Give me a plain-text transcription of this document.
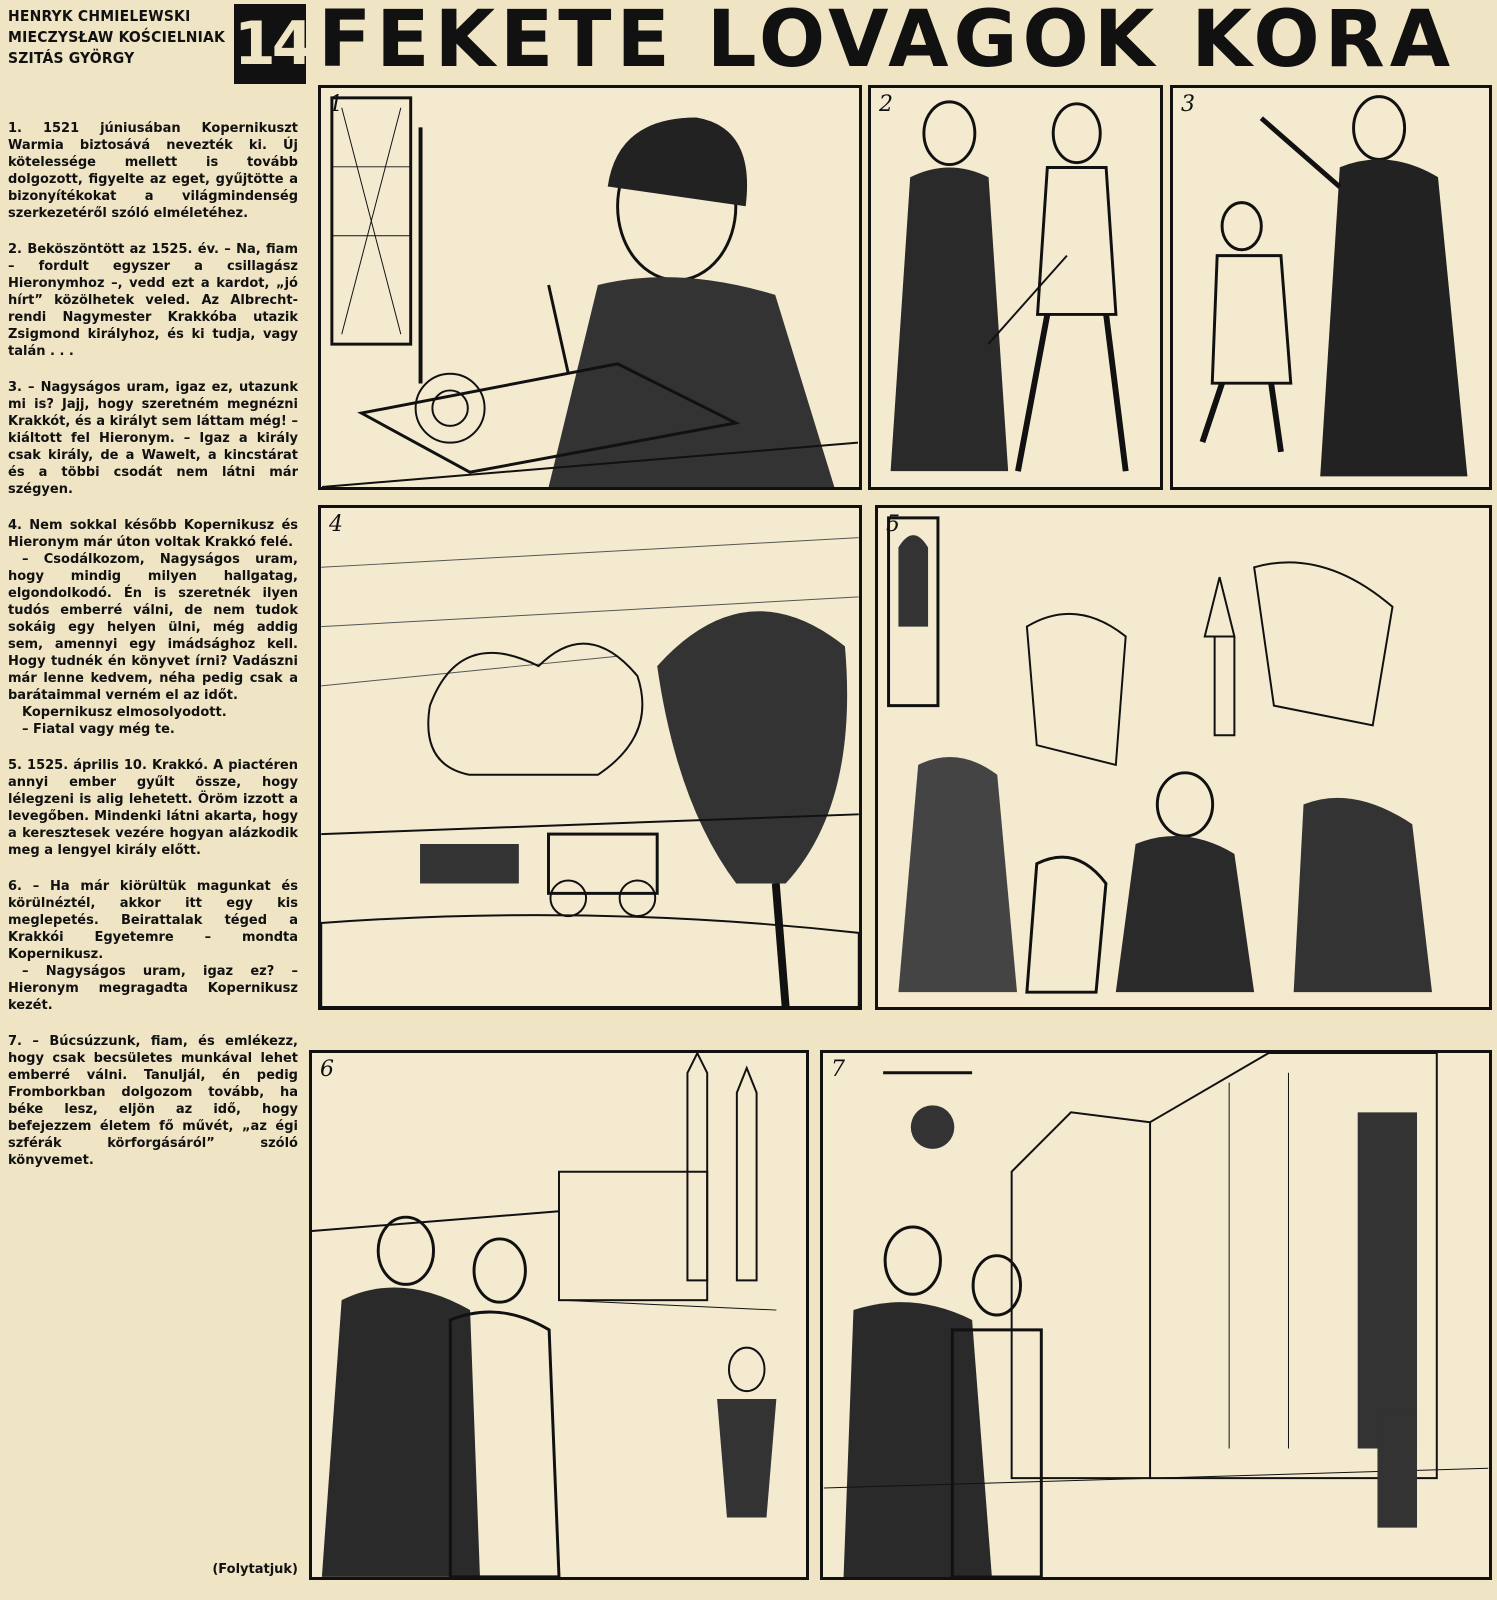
HENRYK CHMIELEWSKI
MIECZYSŁAW KOŚCIELNIAK
SZITÁS GYÖRGY	14 FEKETE LOVAGOK KORA

1. 1521 júniusában Kopernikuszt Warmia biztosává nevezték ki. Új kötelessége mellett is tovább dolgozott, figyelte az eget, gyűjtötte a bizonyítékokat a világmindenség szerkezetéről szóló elméletéhez.

2. Beköszöntött az 1525. év. – Na, fiam – fordult egyszer a csillagász Hieronymhoz –, vedd ezt a kardot, „jó hírt” közölhetek veled. Az Albrecht-rendi Nagymester Krakkóba utazik Zsigmond királyhoz, és ki tudja, vagy talán . . .

3. – Nagyságos uram, igaz ez, utazunk mi is? Jajj, hogy szeretném megnézni Krakkót, és a királyt sem láttam még! – kiáltott fel Hieronym. – Igaz a király csak király, de a Wawelt, a kincstárat és a többi csodát nem látni már szégyen.

4. Nem sokkal később Kopernikusz és Hieronym már úton voltak Krakkó felé.

– Csodálkozom, Nagyságos uram, hogy mindig milyen hallgatag, elgondolkodó. Én is szeretnék ilyen tudós emberré válni, de nem tudok sokáig egy helyen ülni, még addig sem, amennyi egy imádsághoz kell. Hogy tudnék én könyvet írni? Vadászni már lenne kedvem, néha pedig csak a barátaimmal verném el az időt.

Kopernikusz elmosolyodott.

– Fiatal vagy még te.

5. 1525. április 10. Krakkó. A piactéren annyi ember gyűlt össze, hogy lélegzeni is alig lehetett. Öröm izzott a levegőben. Mindenki látni akarta, hogy a keresztesek vezére hogyan alázkodik meg a lengyel király előtt.

6. – Ha már kiörültük magunkat és körülnéztél, akkor itt egy kis meglepetés. Beirattalak téged a Krakkói Egyetemre – mondta Kopernikusz.

– Nagyságos uram, igaz ez? – Hieronym megragadta Kopernikusz kezét.

7. – Búcsúzzunk, fiam, és emlékezz, hogy csak becsületes munkával lehet emberré válni. Tanuljál, én pedig Fromborkban dolgozom tovább, ha béke lesz, eljön az idő, hogy befejezzem életem fő művét, „az égi szférák körforgásáról” szóló könyvemet.

(Folytatjuk)
1	2	3
4	5
6	7
